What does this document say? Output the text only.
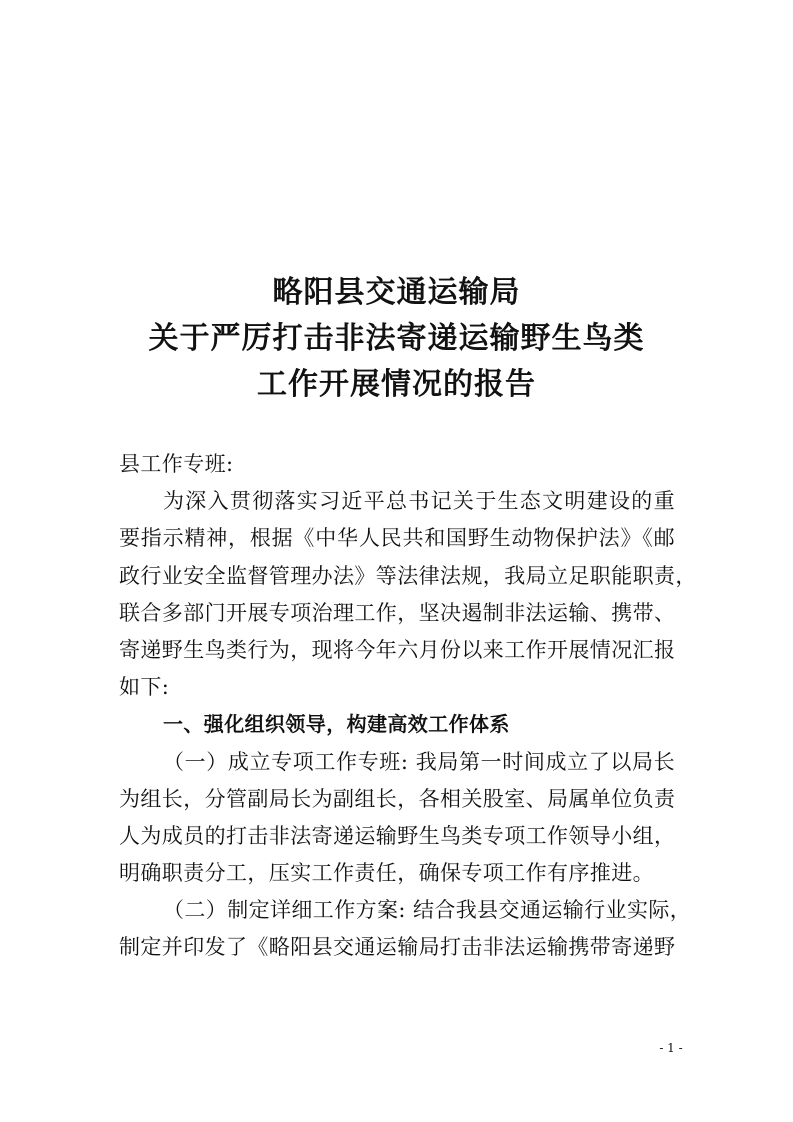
略阳县交通运输局
关于严厉打击非法寄递运输野生鸟类
工作开展情况的报告
县工作专班:
为深入贯彻落实习近平总书记关于生态文明建设的重
要指示精神，根据《中华人民共和国野生动物保护法》《邮
政行业安全监督管理办法》等法律法规，我局立足职能职责，
联合多部门开展专项治理工作，坚决遏制非法运输、携带、
寄递野生鸟类行为，现将今年六月份以来工作开展情况汇报
如下:
一、强化组织领导，构建高效工作体系
（一）成立专项工作专班: 我局第一时间成立了以局长
为组长，分管副局长为副组长，各相关股室、局属单位负责
人为成员的打击非法寄递运输野生鸟类专项工作领导小组，
明确职责分工，压实工作责任，确保专项工作有序推进。
（二）制定详细工作方案: 结合我县交通运输行业实际，
制定并印发了《略阳县交通运输局打击非法运输携带寄递野
- 1 -
